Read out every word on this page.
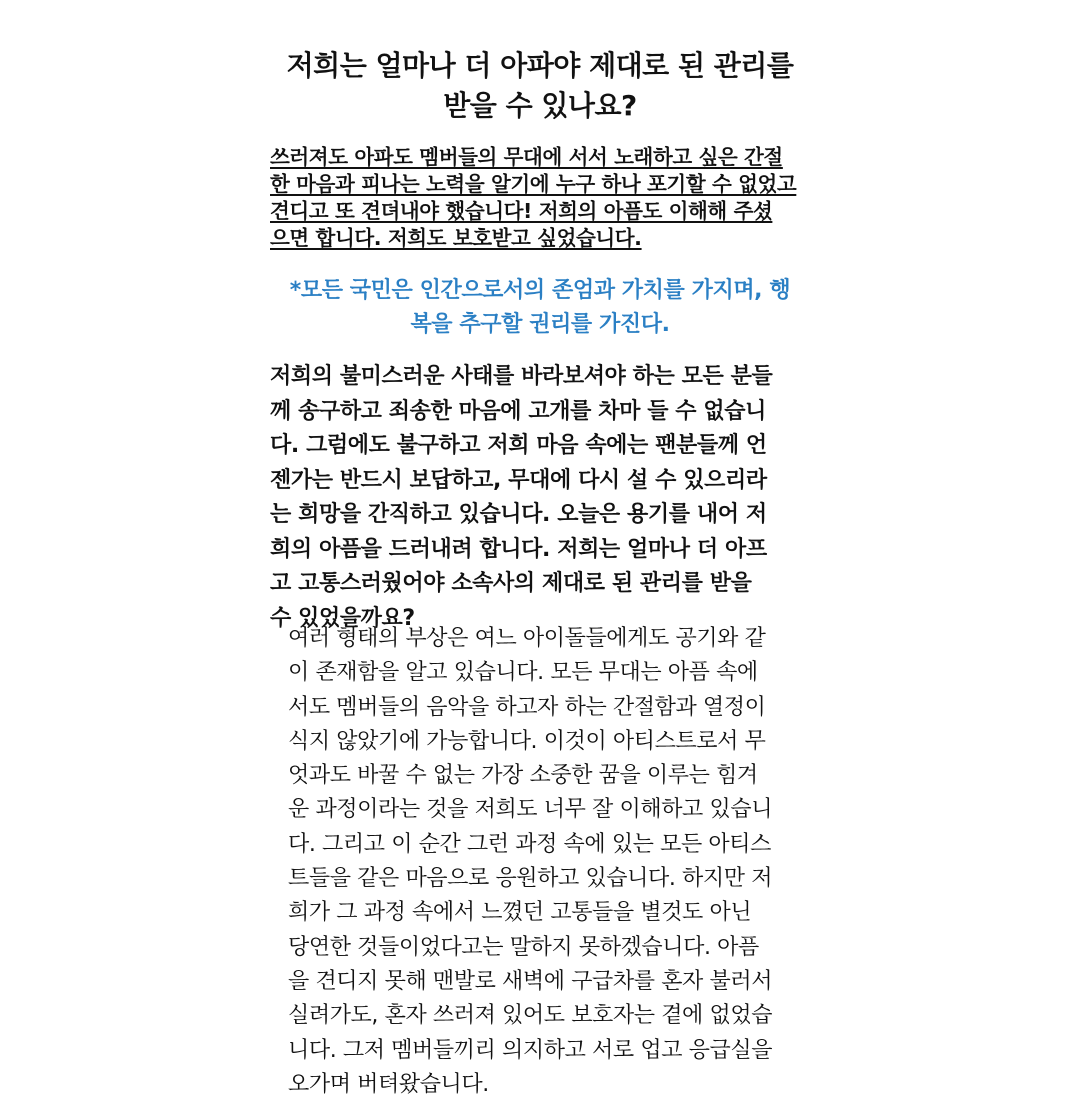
저희는 얼마나 더 아파야 제대로 된 관리를
받을 수 있나요?

쓰러져도 아파도 멤버들의 무대에 서서 노래하고 싶은 간절
한 마음과 피나는 노력을 알기에 누구 하나 포기할 수 없었고
견디고 또 견뎌내야 했습니다! 저희의 아픔도 이해해 주셨
으면 합니다. 저희도 보호받고 싶었습니다.

*모든 국민은 인간으로서의 존엄과 가치를 가지며, 행
복을 추구할 권리를 가진다.

저희의 불미스러운 사태를 바라보셔야 하는 모든 분들
께 송구하고 죄송한 마음에 고개를 차마 들 수 없습니
다. 그럼에도 불구하고 저희 마음 속에는 팬분들께 언
젠가는 반드시 보답하고, 무대에 다시 설 수 있으리라
는 희망을 간직하고 있습니다. 오늘은 용기를 내어 저
희의 아픔을 드러내려 합니다. 저희는 얼마나 더 아프
고 고통스러웠어야 소속사의 제대로 된 관리를 받을
수 있었을까요?

여러 형태의 부상은 여느 아이돌들에게도 공기와 같
이 존재함을 알고 있습니다. 모든 무대는 아픔 속에
서도 멤버들의 음악을 하고자 하는 간절함과 열정이
식지 않았기에 가능합니다. 이것이 아티스트로서 무
엇과도 바꿀 수 없는 가장 소중한 꿈을 이루는 힘겨
운 과정이라는 것을 저희도 너무 잘 이해하고 있습니
다. 그리고 이 순간 그런 과정 속에 있는 모든 아티스
트들을 같은 마음으로 응원하고 있습니다. 하지만 저
희가 그 과정 속에서 느꼈던 고통들을 별것도 아닌
당연한 것들이었다고는 말하지 못하겠습니다. 아픔
을 견디지 못해 맨발로 새벽에 구급차를 혼자 불러서
실려가도, 혼자 쓰러져 있어도 보호자는 곁에 없었습
니다. 그저 멤버들끼리 의지하고 서로 업고 응급실을
오가며 버텨왔습니다.
